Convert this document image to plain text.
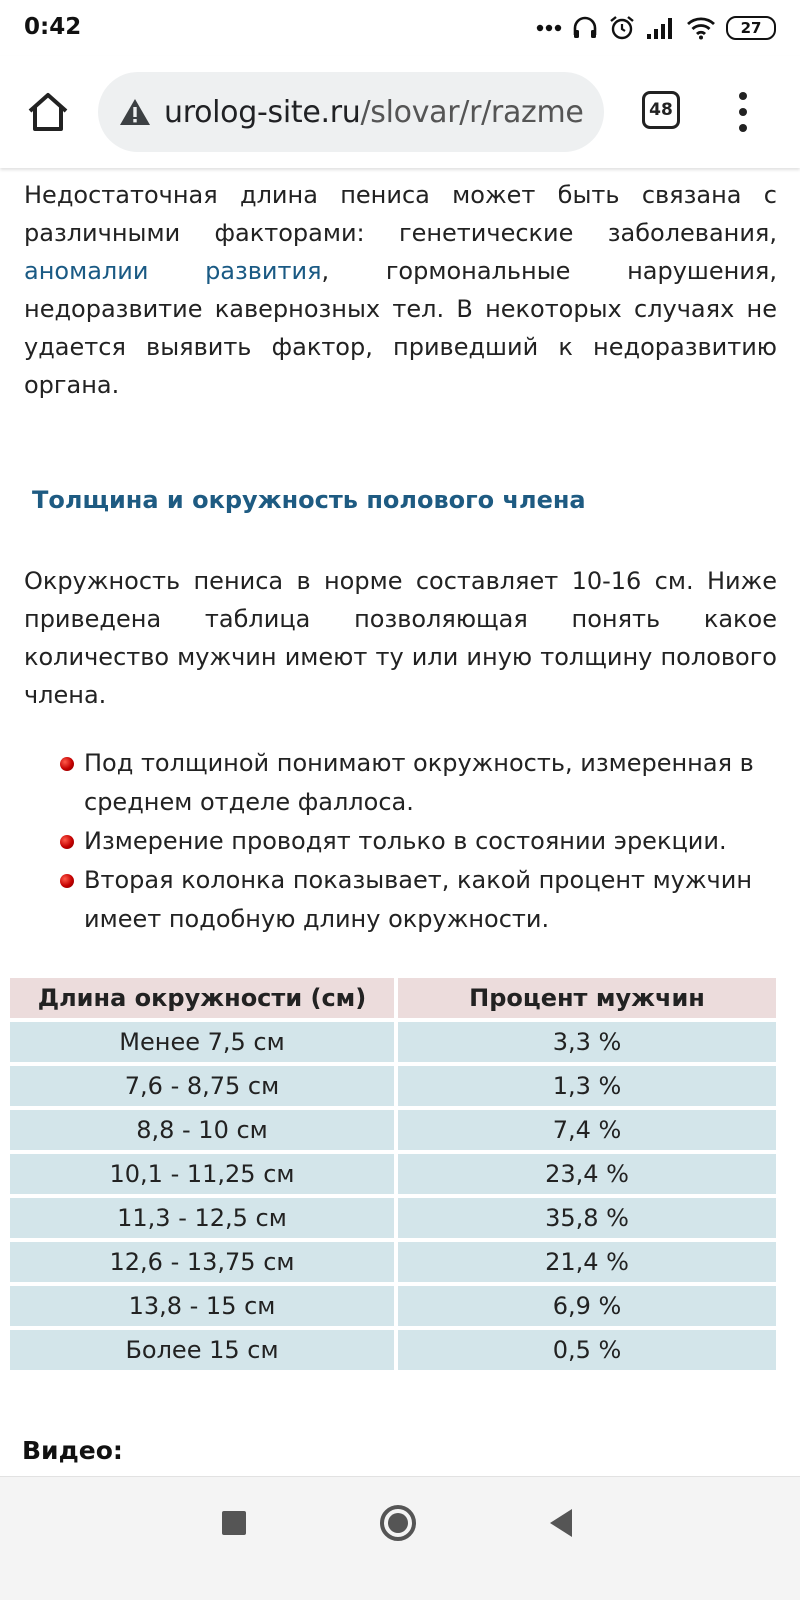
0:42	27
urolog-site.ru/slovar/r/razme	48

Недостаточная длина пениса может быть связана с различными факторами: генетические заболевания, аномалии развития, гормональные нарушения, недоразвитие кавернозных тел. В некоторых случаях не удается выявить фактор, приведший к недоразвитию органа.

Толщина и окружность полового члена

Окружность пениса в норме составляет 10-16 см. Ниже приведена таблица позволяющая понять какое количество мужчин имеют ту или иную толщину полового члена.

Под толщиной понимают окружность, измеренная в среднем отделе фаллоса.
Измерение проводят только в состоянии эрекции.
Вторая колонка показывает, какой процент мужчин имеет подобную длину окружности.
Длина окружности (см)	Процент мужчин
Менее 7,5 см	3,3 %
7,6 - 8,75 см	1,3 %
8,8 - 10 см	7,4 %
10,1 - 11,25 см	23,4 %
11,3 - 12,5 см	35,8 %
12,6 - 13,75 см	21,4 %
13,8 - 15 см	6,9 %
Более 15 см	0,5 %
Видео:
